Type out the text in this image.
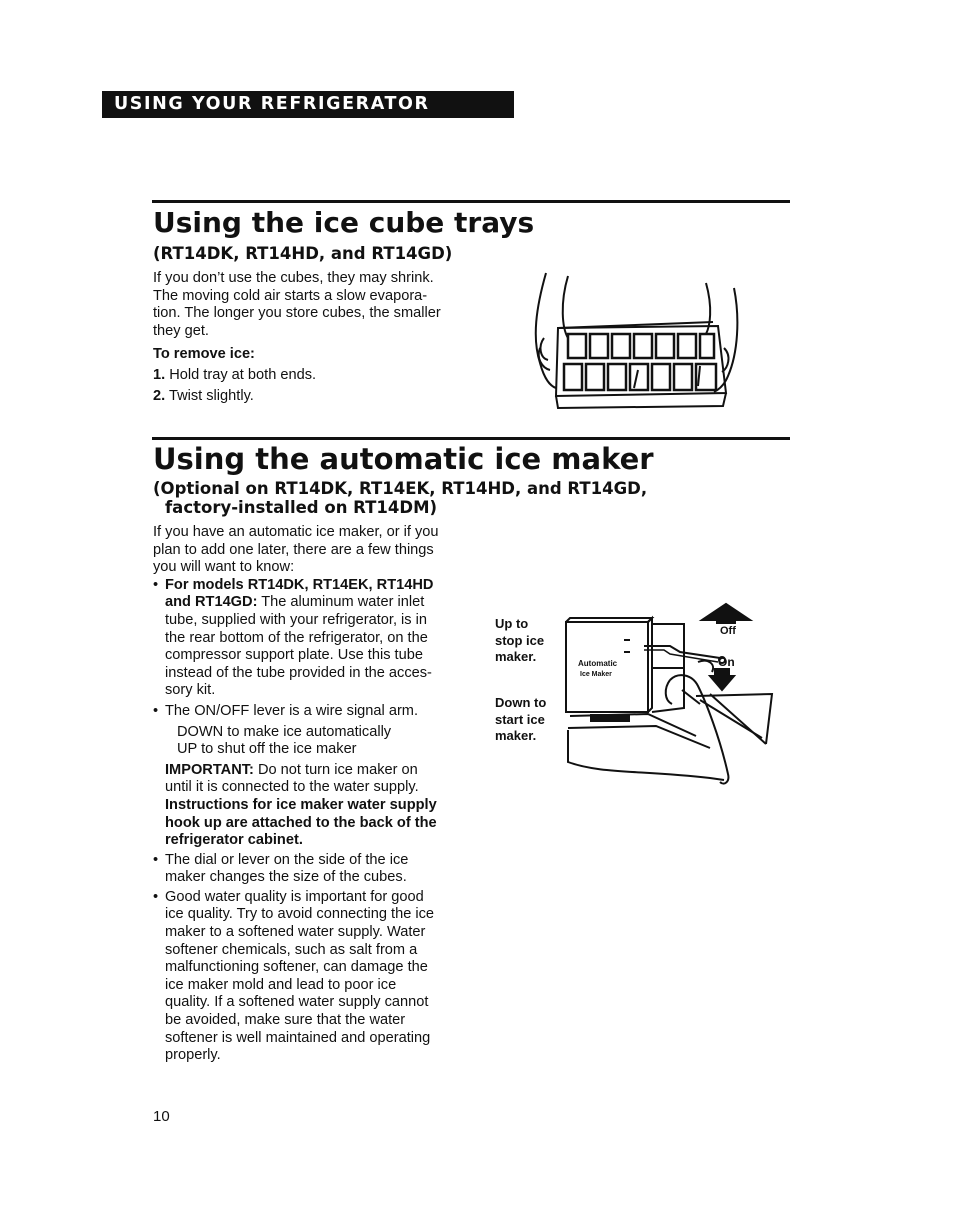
USING YOUR REFRIGERATOR
Using the ice cube trays
(RT14DK, RT14HD, and RT14GD)
If you don’t use the cubes, they may shrink.
The moving cold air starts a slow evapora-
tion. The longer you store cubes, the smaller
they get.
To remove ice:
1. Hold tray at both ends.
2. Twist slightly.
Using the automatic ice maker
(Optional on RT14DK, RT14EK, RT14HD, and RT14GD,
factory-installed on RT14DM)
If you have an automatic ice maker, or if you
plan to add one later, there are a few things
you will want to know:
• For models RT14DK, RT14EK, RT14HD
and RT14GD: The aluminum water inlet
tube, supplied with your refrigerator, is in
the rear bottom of the refrigerator, on the
compressor support plate. Use this tube
instead of the tube provided in the acces-
sory kit.
• The ON/OFF lever is a wire signal arm.
DOWN to make ice automatically
UP to shut off the ice maker
IMPORTANT: Do not turn ice maker on
until it is connected to the water supply.
Instructions for ice maker water supply
hook up are attached to the back of the
refrigerator cabinet.
• The dial or lever on the side of the ice
maker changes the size of the cubes.
• Good water quality is important for good
ice quality. Try to avoid connecting the ice
maker to a softened water supply. Water
softener chemicals, such as salt from a
malfunctioning softener, can damage the
ice maker mold and lead to poor ice
quality. If a softened water supply cannot
be avoided, make sure that the water
softener is well maintained and operating
properly.
Up to
stop ice
maker.
Down to
start ice
maker.
Automatic
Ice Maker
Off
On
10
